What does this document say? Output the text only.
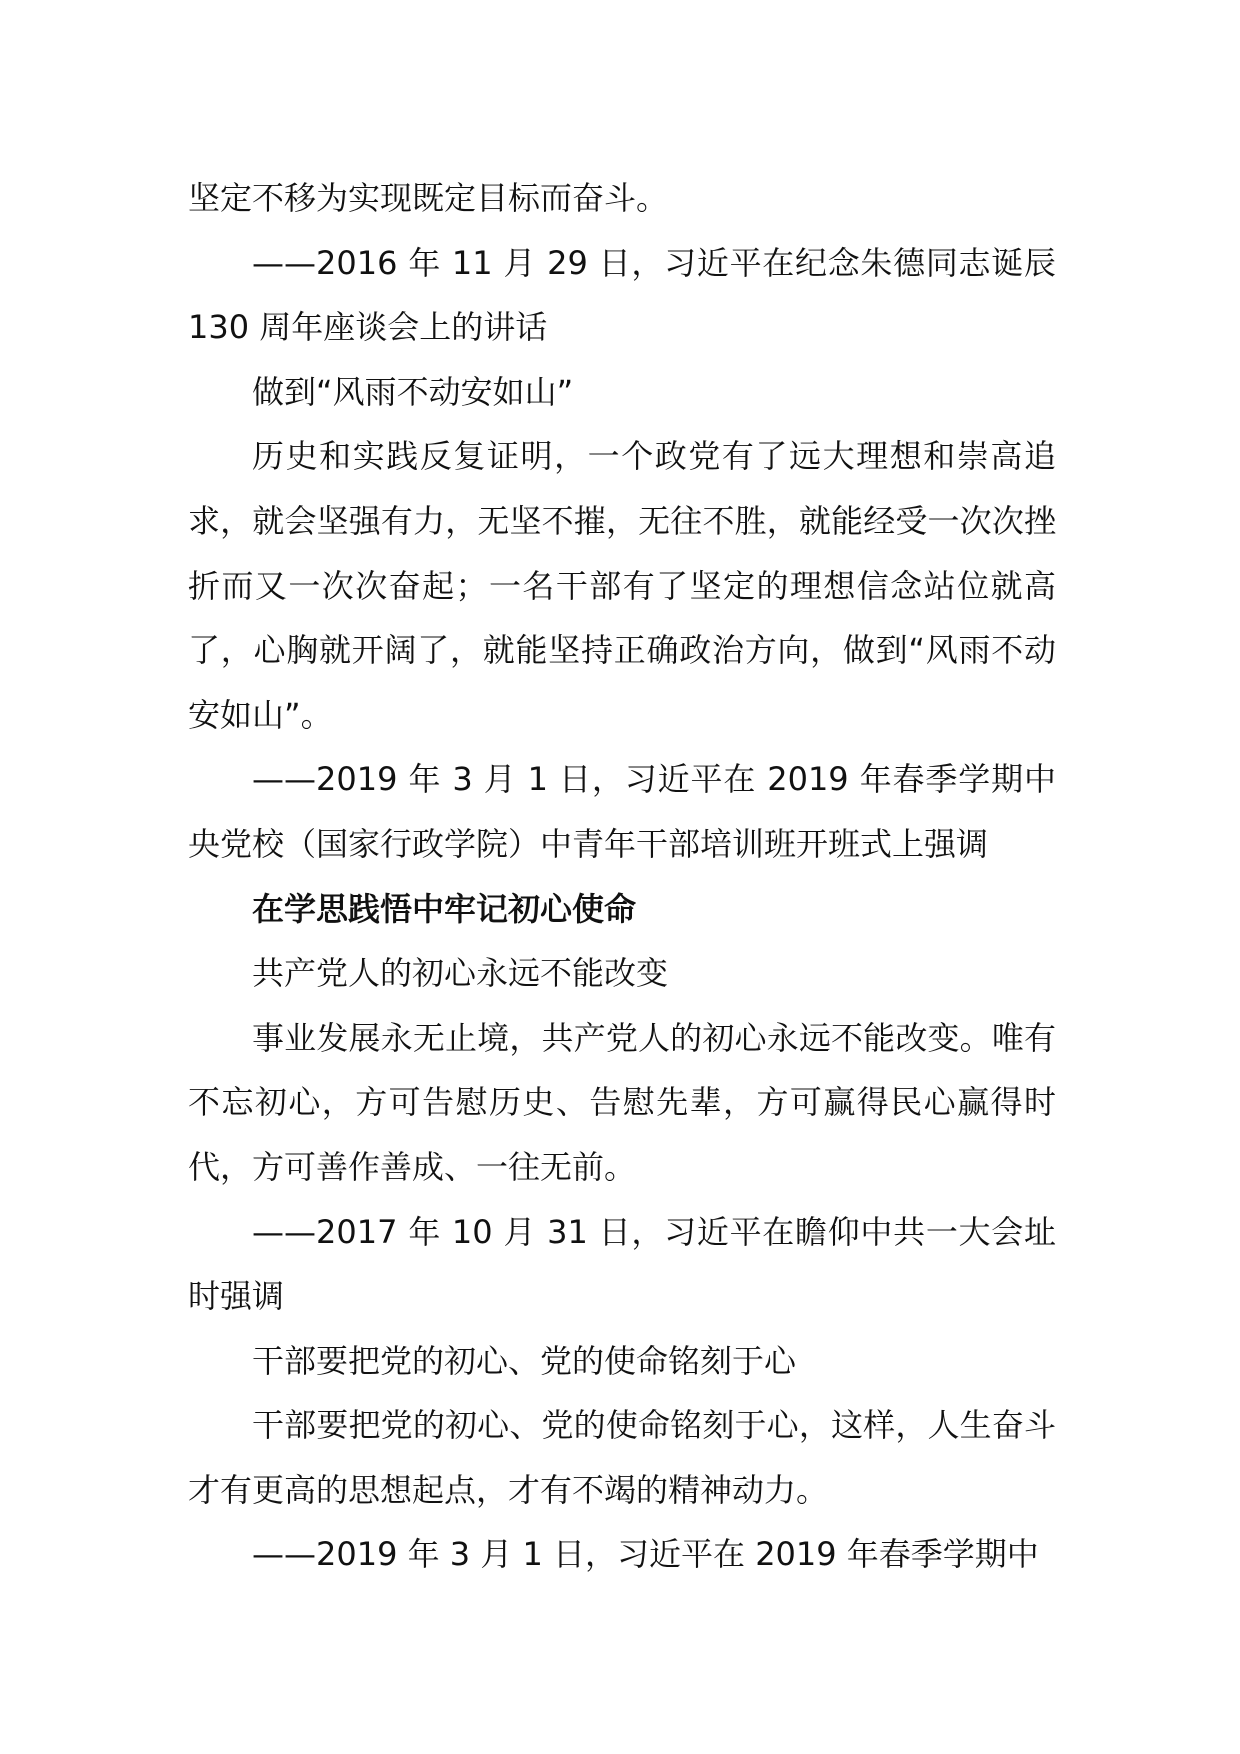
坚定不移为实现既定目标而奋斗。

——2016 年 11 月 29 日，习近平在纪念朱德同志诞辰 130 周年座谈会上的讲话

做到“风雨不动安如山”

历史和实践反复证明，一个政党有了远大理想和崇高追求，就会坚强有力，无坚不摧，无往不胜，就能经受一次次挫折而又一次次奋起；一名干部有了坚定的理想信念站位就高了，心胸就开阔了，就能坚持正确政治方向，做到“风雨不动安如山”。

——2019 年 3 月 1 日，习近平在 2019 年春季学期中央党校（国家行政学院）中青年干部培训班开班式上强调

在学思践悟中牢记初心使命

共产党人的初心永远不能改变

事业发展永无止境，共产党人的初心永远不能改变。唯有不忘初心，方可告慰历史、告慰先辈，方可赢得民心赢得时代，方可善作善成、一往无前。

——2017 年 10 月 31 日，习近平在瞻仰中共一大会址时强调

干部要把党的初心、党的使命铭刻于心

干部要把党的初心、党的使命铭刻于心，这样，人生奋斗才有更高的思想起点，才有不竭的精神动力。

——2019 年 3 月 1 日，习近平在 2019 年春季学期中
